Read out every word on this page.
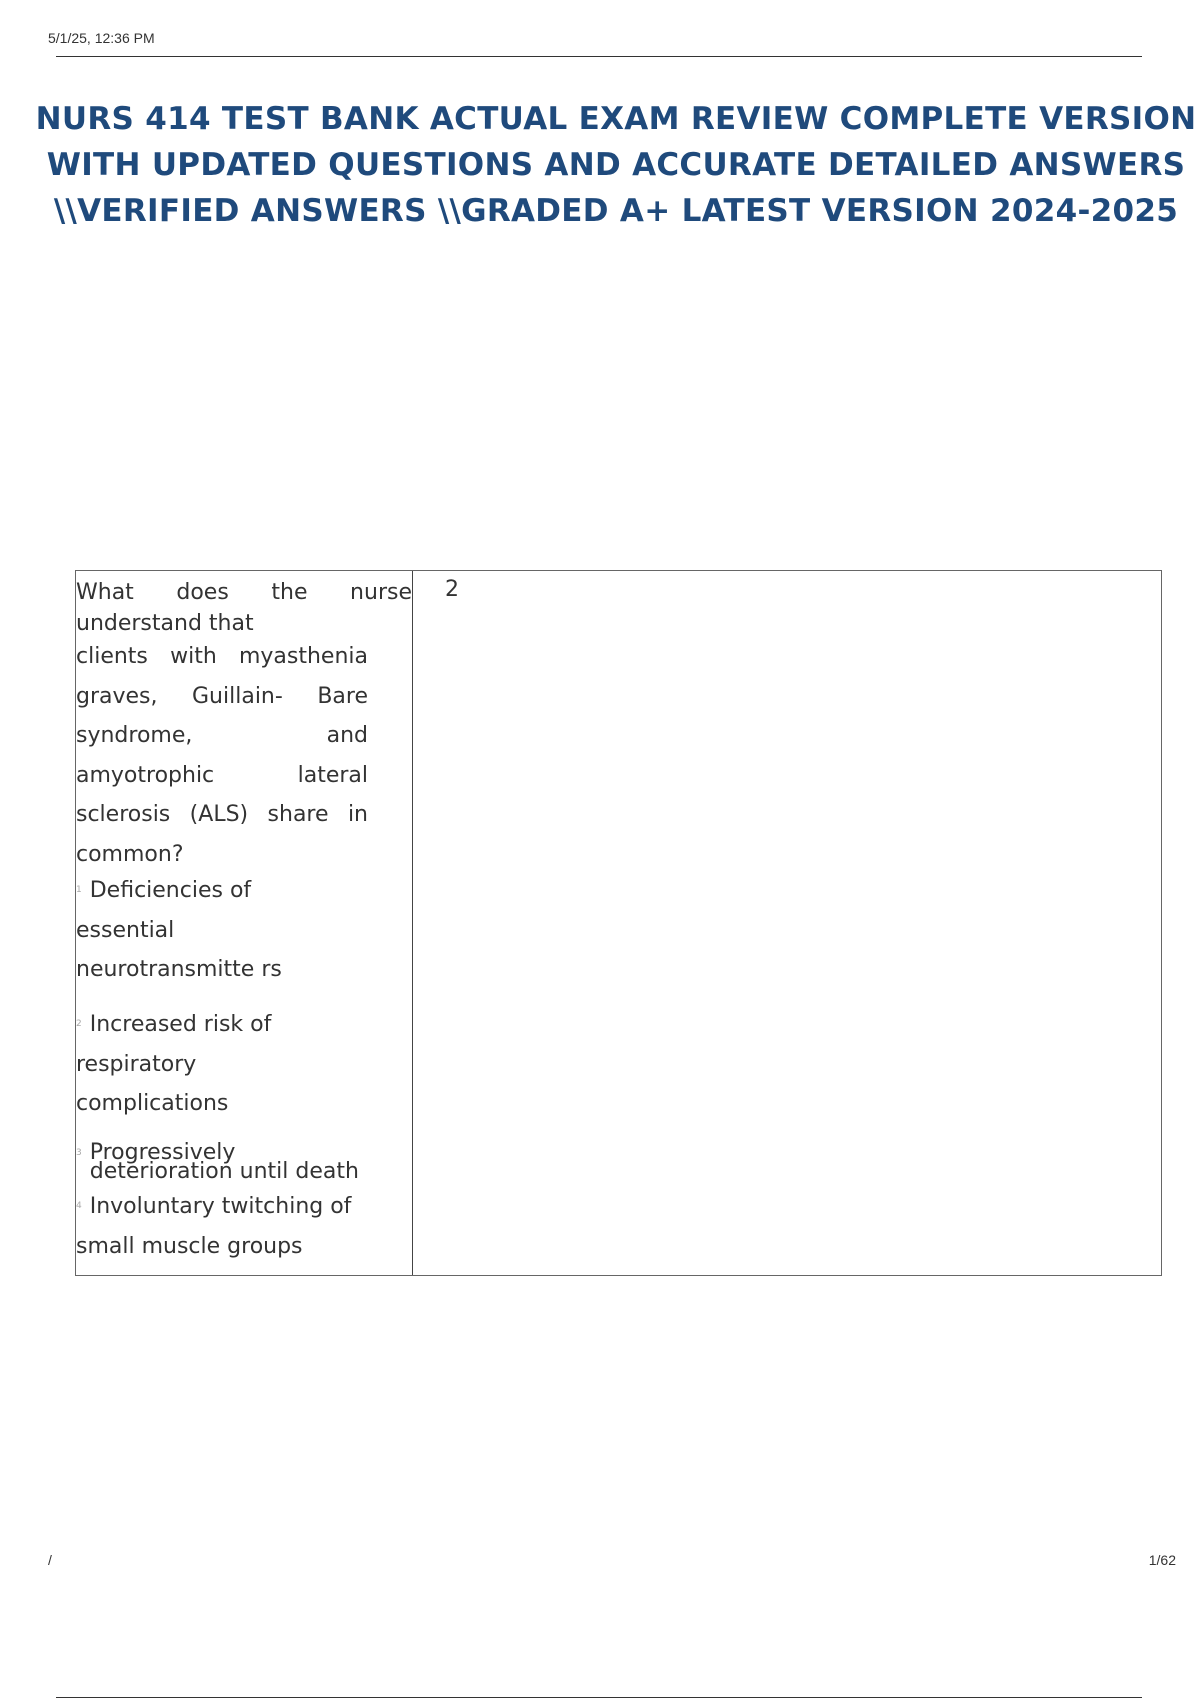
5/1/25, 12:36 PM
NURS 414 TEST BANK ACTUAL EXAM REVIEW COMPLETE VERSION WITH UPDATED QUESTIONS AND ACCURATE DETAILED ANSWERS \\VERIFIED ANSWERS \\GRADED A+ LATEST VERSION 2024-2025
What does the nurse understand that
clients with myasthenia graves, Guillain- Bare syndrome, and amyotrophic lateral sclerosis (ALS) share in common?
1 Deficiencies of essential neurotransmitte rs
2 Increased risk of respiratory complications
3 Progressively deterioration until death
4 Involuntary twitching of small muscle groups
2
/	1/62
